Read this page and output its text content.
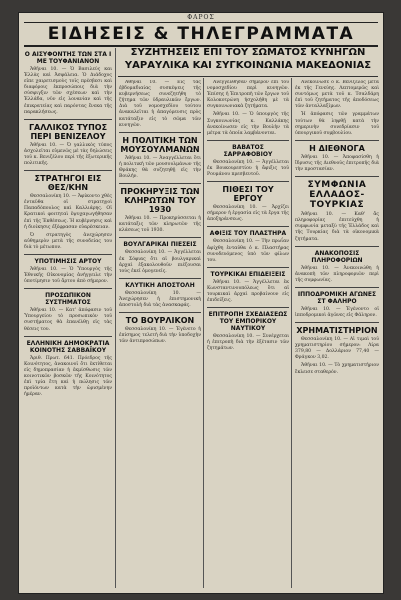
ΦΑΡΟΣ
ΕΙΔΗΣΕΙΣ & ΤΗΛΕΓΡΑΜΜΑΤΑ
ΣΥΖΗΤΗΣΕΙΣ ΕΠΙ ΤΟΥ ΣΩΜΑΤΟΣ ΚΥΝΗΓΩΝ
ΥΑΡΑΥΛΙΚΑ ΚΑΙ ΣΥΓΚΟΙΝΩΝΙΑ ΜΑΚΕΔΟΝΙΑΣ
Ο ΑΙΣΥΦΟΝΤΗΣ ΤΩΝ ΣΤΑ Ι ΜΕ ΤΟΥΦΑΝΙΑΝΟΝ

Ἀθῆναι 10. — Ὁ Βασιλεύς και Ἑλλὰς καὶ Ἀσφάλεια. Ὁ Διάδοχος εἰπε χαιρετισμοὺς τοῖς πρέσβεσι καὶ διαφόροις ἐκπροσώποις διὰ τὴν σύσφιγξιν τῶν σχέσεων καὶ τὴν Ἑλλάδα, νῦν εἰς λονανίαν καὶ τῆς ἐπικρατείας καὶ παρόντας ἕνεκα τῆς παρακλήσεως.

ΓΑΛΛΙΚΟΣ ΤΥΠΟΣ ΠΕΡΙ ΒΕΝΙΖΕΛΟΥ

Ἀθῆναι 10. — Ὁ γαλλικὸς τύπος ἀσχολεῖται εὐμενῶς μὲ τὰς δηλώσεις τοῦ κ. Βενιζέλου περὶ τῆς ἐξωτερικῆς πολιτικῆς.

ΣΤΡΑΤΗΓΟΙ ΕΙΣ ΘΕΣ/ΚΗΝ

Θεσσαλονίκη 10. — Ἀφίκοντο χθὲς ἐνταῦθα οἱ στρατηγοὶ Παπαδόπουλος καὶ Καλλιάρης. Οἱ Κρατικοὶ φοιτηταὶ ἐψυχαγωγήθησαν ἐπὶ τῆς Ἐκθέσεως. Ἡ κυβέρνησις καὶ ἡ διοίκησις ἐξέφρασαν εὐαρέσκειαν.

Ὁ στρατηγὸς ἀνεχώρησεν αὐθημερὸν μετὰ τῆς συνοδείας του διὰ τὸ μέτωπον.

ΥΠΟΤΙΜΗΣΙΣ ΑΡΤΟΥ

Ἀθῆναι 10. — Ὁ Ὑπουργὸς τῆς Ἐθνικῆς Οἰκονομίας ἀνήγγειλε τὴν ὑποτίμησιν τοῦ ἄρτου ἀπὸ σήμερον.

ΠΡΟΣΩΠΙΚΟΝ ΣΥΣΤΗΜΑΤΟΣ

Ἀθῆναι 10. — Κατ' ἀπόφασιν τοῦ Ὑπουργείου τὸ προσωπικὸν τοῦ συστήματος θὰ ἐπανέλθῃ εἰς τὰς θέσεις του.

ΕΛΛΗΝΙΚΗ ΔΗΜΟΚΡΑΤΙΑ ΚΟΙΝΟΤΗΣ ΣΑΒΒΑΪΚΟΥ

Ἀριθ. Πρωτ. 641. Πρόεδρος τῆς Κοινότητος, ἀνακοινοῖ ὅτι ἐκτίθεται εἰς δημοπρασίαν ἡ ἐκμίσθωσις τῶν κοινοτικῶν βοσκῶν τῆς Κοινότητος ἐπὶ τρία ἔτη καὶ ἡ πώλησις τῶν προϊόντων κατὰ τὴν ὡρισμένην ἡμέραν.

Ἀθῆναι 10. — Εἰς τὰς ἐβδομαδιαίας συσκέψεις τῆς κυβερνήσεως συνεζητήθη τὸ ζήτημα τῶν ὑδραυλικῶν ἔργων. Διὰ τοῦ νομοσχεδίου τούτου ἀνακαλεῖται ἡ ἀπαγόρευσις πρὸς κατάταξιν εἰς τὸ σῶμα τῶν κυνηγῶν.

Η ΠΟΛΙΤΙΚΗ ΤΩΝ ΜΟΥΣΟΥΛΜΑΝΩΝ

Ἀθῆναι 10. — Ἀναγγέλλεται ὅτι ἡ πολιτικὴ τῶν μουσουλμάνων τῆς Θράκης θὰ συζητηθῇ εἰς τὴν Βουλήν.

ΠΡΟΚΗΡΥΞΙΣ ΤΩΝ ΚΛΗΡΩΤΩΝ ΤΟΥ 1930

Ἀθῆναι 10. — Προκηρύσσεται ἡ κατάταξις τῶν κληρωτῶν τῆς κλάσεως τοῦ 1930.

ΒΟΥΛΓΑΡΙΚΑΙ ΠΙΕΣΕΙΣ

Θεσσαλονίκη 10. — Ἀγγέλλεται ἐκ Σόφιας ὅτι αἱ βουλγαρικαὶ ἀρχαὶ ἐξακολουθοῦν πιέζουσαι τοὺς ἐκεῖ ὁμογενεῖς.

ΚΛΥΤΙΚΗ ΑΠΟΣΤΟΛΗ

Θεσσαλονίκη 10. — Ἀνεχώρησεν ἡ ἐπιστημονικὴ ἀποστολὴ διὰ τὰς ἀνασκαφάς.

ΤΟ ΒΟΥΡΛΙΚΟΝ

Θεσσαλονίκη 10. — Ἐγένετο ἡ ἐπίσημος τελετὴ διὰ τὴν ὑποδοχὴν τῶν ἀντιπροσώπων.

Ἀνεγγέλθησαν σήμερον ἐπὶ τοῦ νομοσχεδίου περὶ κυνηγῶν. Ἐπίσης ἡ Ἐπιτροπὴ τῶν ἔργων τοῦ Κολοκοτρώνη ἠσχολήθη μὲ τὰ συγκοινωνιακὰ ζητήματα.

Ἀθῆναι 10. — Ὁ ὑπουργὸς τῆς Συγκοινωνίας κ. Καλλάκης ἀνεκοίνωσεν εἰς τὴν Βουλὴν τὰ μέτρα τὰ ὁποῖα λαμβάνονται.

ΒΑΒΑΤΟΣ ΣΑΡΡΑΦΟΒΙΟΥ

Θεσσαλονίκη 10. — Ἀγγέλλεται ἐκ Βουκουρεστίου ἡ ἄφιξις τοῦ Ρουμάνου πρεσβευτοῦ.

ΠΙΘΕΣΙ ΤΟΥ ΕΡΓΟΥ

Θεσσαλονίκη 10. — Ἀρχίζει σήμερον ἡ ἐργασία εἰς τὰ ἔργα τῆς ἀποξηράνσεως.

ΑΦΙΞΙΣ ΤΟΥ ΠΛΑΣΤΗΡΑ

Θεσσαλονίκη 10. — Τὴν πρωΐαν ἀφίχθη ἐνταῦθα ὁ κ. Πλαστήρας συνοδευόμενος ὑπὸ τῶν φίλων του.

ΤΟΥΡΚΙΚΑΙ ΕΠΙΔΕΙΞΕΙΣ

Ἀθῆναι 10. — Ἀγγέλλεται ἐκ Κωνσταντινουπόλεως ὅτι αἱ τουρκικαὶ ἀρχαὶ προβαίνουν εἰς ἐπιδείξεις.

ΕΠΙΤΡΟΠΗ ΣΧΕΔΙΑΣΕΩΣ ΤΟΥ ΕΜΠΟΡΙΚΟΥ ΝΑΥΤΙΚΟΥ

Θεσσαλονίκη 10. — Συνέρχεται ἡ ἐπιτροπὴ διὰ τὴν ἐξέτασιν τῶν ζητημάτων.

Ἀνεκοίνωσε ὁ κ. Βενιζέλος μετὰ ἐκ τῆς Γενεύης. Λεπτομερῶς καὶ συντόμως μετὰ τοῦ κ. Τσαλδάρη ἐπὶ τοῦ ζητήματος τῆς ἀποδόσεως τῶν ἀνταλλαξίμων.

Ἡ ἀπόφασις τῶν γραμμάτων τούτων θὰ ληφθῇ κατὰ τὴν σημερινὴν συνεδρίασιν τοῦ ὑπουργικοῦ συμβουλίου.

Η ΔΙΕΘΝΟΓΑ

Ἀθῆναι 10. — Ἀποφασίσθη ἡ ἵδρυσις τῆς Διεθνοῦς ἐπιτροπῆς διὰ τὴν προστασίαν.

ΣΥΜΦΩΝΙΑ ΕΛΛΑΔΟΣ-ΤΟΥΡΚΙΑΣ

Ἀθῆναι 10. — Καθ' ἃς πληροφορίας ἐπιτεύχθη ἡ συμφωνία μεταξὺ τῆς Ἑλλάδος καὶ τῆς Τουρκίας διὰ τὰ οἰκονομικὰ ζητήματα.

ΑΝΑΚΟΠΟΣΙΣ ΠΛΗΡΟΦΟΡΙΩΝ

Ἀθῆναι 10. — Ἀνεκοινώθη ἡ ἀνακοπὴ τῶν πληροφοριῶν περὶ τῆς συμφωνίας.

ΙΠΠΟΔΡΟΜΙΚΗ ΑΓΩΝΕΣ ΣΤ ΦΑΛΗΡΟ

Ἀθῆναι 10. — Ἐγένοντο οἱ ἱπποδρομικοὶ ἀγῶνες εἰς Φάληρον.

ΧΡΗΜΑΤΙΣΤΗΡΙΟΝ

Θεσσαλονίκη 10. — Αἱ τιμαὶ τοῦ χρηματιστηρίου σήμερον: Λίρα 379,80 — Δολλάριον 77,40 — Φράγκον 3,02.

Ἀθῆναι 10. — Τὸ χρηματιστήριον ἔκλεισε σταθερόν.
